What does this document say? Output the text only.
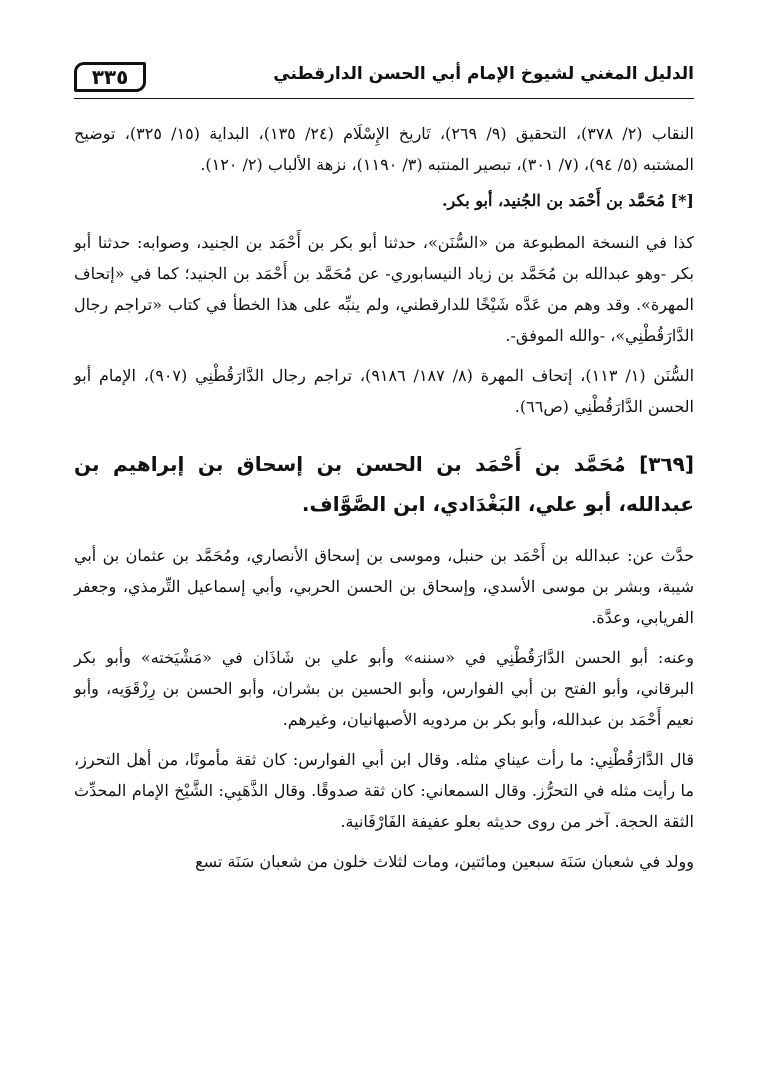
الدليل المغني لشيوخ الإمام أبي الحسن الدارقطني
٣٣٥

النقاب (٢/ ٣٧٨)، التحقيق (٩/ ٢٦٩)، تَاريخ الإِسْلَام (٢٤/ ١٣٥)، البداية (١٥/ ٣٢٥)، توضيح المشتبه (٥/ ٩٤)، (٧/ ٣٠١)، تبصير المنتبه (٣/ ١١٩٠)، نزهة الألباب (٢/ ١٢٠).

[*] مُحَمَّد بن أَحْمَد بن الجُنيد، أبو بكر.

كذا في النسخة المطبوعة من «السُّنَن»، حدثنا أبو بكر بن أَحْمَد بن الجنيد، وصوابه: حدثنا أبو بكر -وهو عبدالله بن مُحَمَّد بن زياد النيسابوري- عن مُحَمَّد بن أَحْمَد بن الجنيد؛ كما في «إتحاف المهرة». وقد وهم من عَدَّه شَيْخًا للدارقطني، ولم ينبِّه على هذا الخطأ في كتاب «تراجم رجال الدَّارَقُطْنِي»، -والله الموفق-.

السُّنَن (١/ ١١٣)، إتحاف المهرة (٨/ ١٨٧/ ٩١٨٦)، تراجم رجال الدَّارَقُطْنِي (٩٠٧)، الإمام أبو الحسن الدَّارَقُطْنِي (ص٦٦).

[٣٦٩] مُحَمَّد بن أَحْمَد بن الحسن بن إسحاق بن إبراهيم بن عبدالله، أبو علي، البَغْدَادي، ابن الصَّوَّاف.

حدَّث عن: عبدالله بن أَحْمَد بن حنبل، وموسى بن إسحاق الأنصاري، ومُحَمَّد بن عثمان بن أبي شيبة، وبشر بن موسى الأسدي، وإسحاق بن الحسن الحربي، وأبي إسماعيل التِّرمذي، وجعفر الفريابي، وعدَّة.

وعنه: أبو الحسن الدَّارَقُطْنِي في «سننه» وأبو علي بن شَاذَان في «مَشْيَخته» وأبو بكر البرقاني، وأبو الفتح بن أبي الفوارس، وأبو الحسين بن بشران، وأبو الحسن بن رِزْقَوَيه، وأبو نعيم أَحْمَد بن عبدالله، وأبو بكر بن مردويه الأصبهانيان، وغيرهم.

قال الدَّارَقُطْنِي: ما رأت عيناي مثله. وقال ابن أبي الفوارس: كان ثقة مأمونًا، من أهل التحرز، ما رأيت مثله في التحرُّز. وقال السمعاني: كان ثقة صدوقًا. وقال الذَّهَبِي: الشَّيْخ الإمام المحدِّث الثقة الحجة. آخر من روى حديثه بعلو عفيفة الفَارْفَانية.

وولد في شعبان سَنَة سبعين ومائتين، ومات لثلاث خلون من شعبان سَنَة تسع
